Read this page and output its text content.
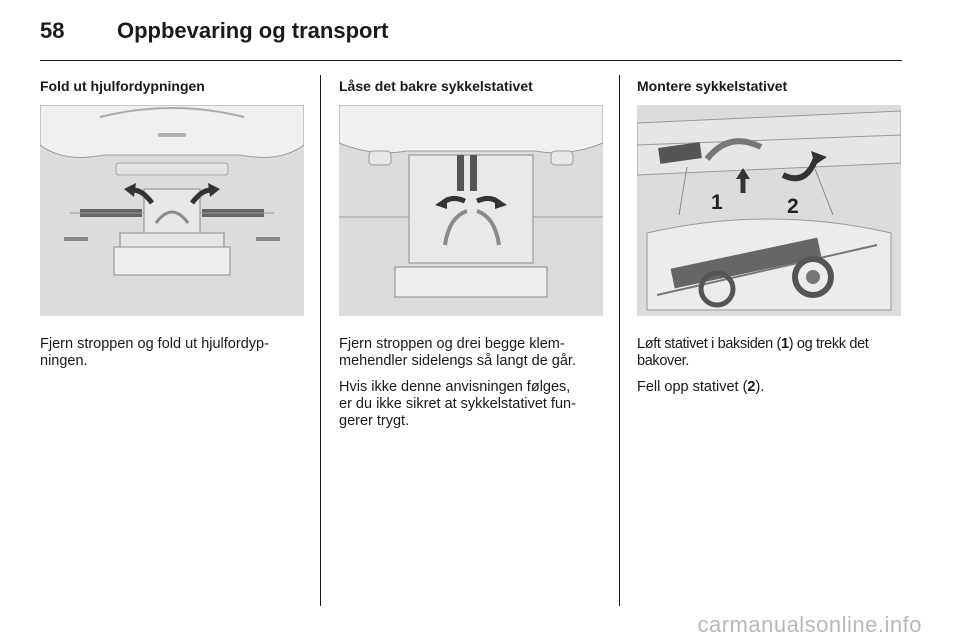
58 Oppbevaring og transport
Fold ut hjulfordypningen

Fjern stroppen og fold ut hjulfordyp-
ningen.

Låse det bakre sykkelstativet

Fjern stroppen og drei begge klem-
mehendler sidelengs så langt de går.

Hvis ikke denne anvisningen følges,
er du ikke sikret at sykkelstativet fun-
gerer trygt.

Montere sykkelstativet
1	2

Løft stativet i baksiden (1) og trekk det
bakover.

Fell opp stativet (2).

carmanualsonline.info
